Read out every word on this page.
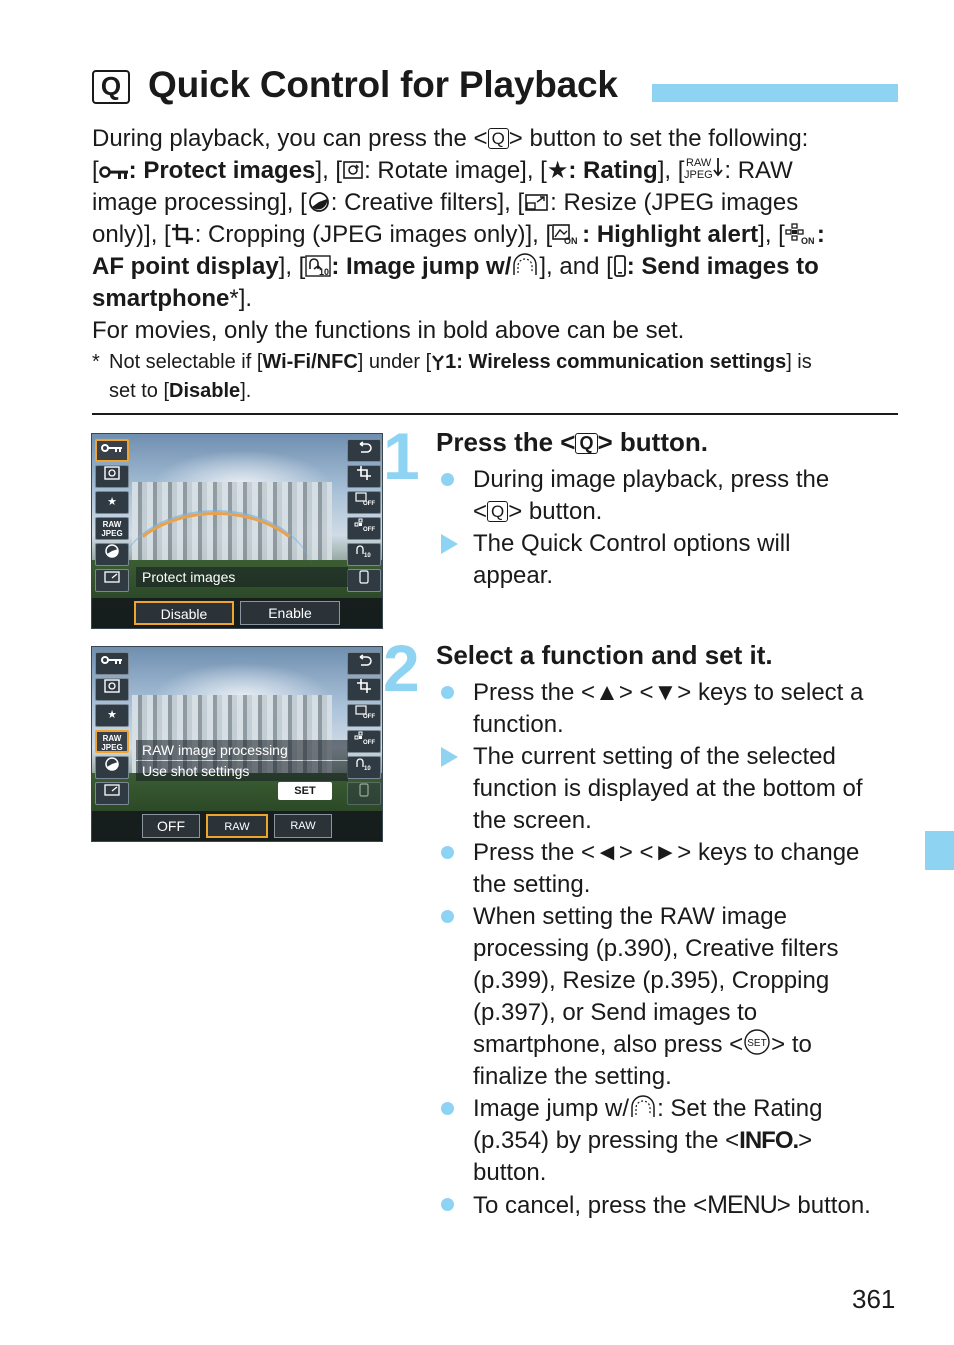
Q Quick Control for Playback

During playback, you can press the < Q > button to set the following:

[ : Protect images], [ : Rotate image], [★: Rating], [ RAW
JPEG : RAW

image processing], [ : Creative filters], [ : Resize (JPEG images

only)], [ : Cropping (JPEG images only)], [ ON : Highlight alert], [ ON :

AF point display], [ 10 : Image jump w/ ], and [ : Send images to

smartphone*].

For movies, only the functions in bold above can be set.

* Not selectable if [Wi-Fi/NFC] under [ 1: Wireless communication settings] is
set to [Disable].
★
RAW
JPEG
OFF
OFF
10
Protect images
Disable	Enable
★
RAW
JPEG
OFF
OFF
10
RAW image processing
Use shot settings
SET
OFF	RAW	RAW
1 Press the < Q > button.
During image playback, press the
< Q > button.
The Quick Control options will
appear.
2 Select a function and set it.
Press the <▲> <▼> keys to select a
function.
The current setting of the selected
function is displayed at the bottom of
the screen.
Press the <◄> <►> keys to change
the setting.
When setting the RAW image
processing (p.390), Creative filters
(p.399), Resize (p.395), Cropping
(p.397), or Send images to
smartphone, also press < SET > to
finalize the setting.
Image jump w/ : Set the Rating
(p.354) by pressing the <INFO.>
button.
To cancel, press the <MENU> button.
361
